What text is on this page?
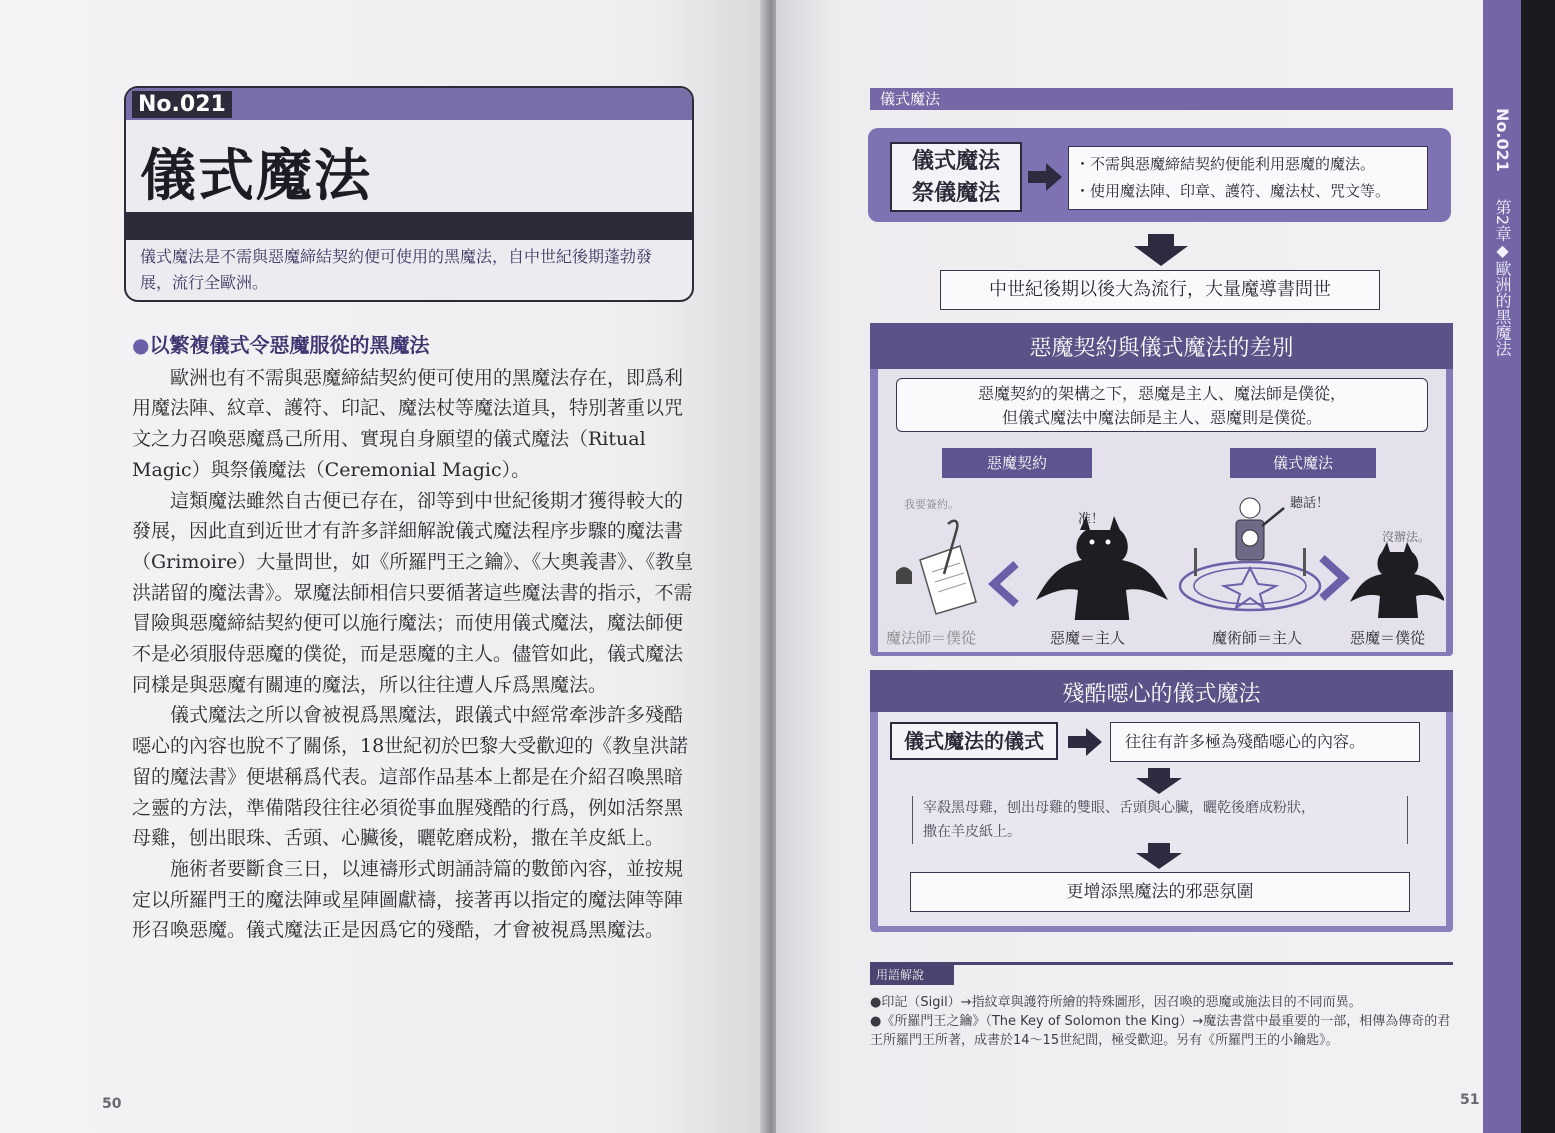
No.021
儀式魔法
儀式魔法是不需與惡魔締結契約便可使用的黑魔法，自中世紀後期蓬勃發展，流行全歐洲。
●以繁複儀式令惡魔服從的黑魔法

歐洲也有不需與惡魔締結契約便可使用的黑魔法存在，即爲利用魔法陣、紋章、護符、印記、魔法杖等魔法道具，特別著重以咒文之力召喚惡魔爲己所用、實現自身願望的儀式魔法（Ritual Magic）與祭儀魔法（Ceremonial Magic）。

這類魔法雖然自古便已存在，卻等到中世紀後期才獲得較大的發展，因此直到近世才有許多詳細解說儀式魔法程序步驟的魔法書（Grimoire）大量問世，如《所羅門王之鑰》、《大奧義書》、《教皇洪諾留的魔法書》。眾魔法師相信只要循著這些魔法書的指示，不需冒險與惡魔締結契約便可以施行魔法；而使用儀式魔法，魔法師便不是必須服侍惡魔的僕從，而是惡魔的主人。儘管如此，儀式魔法同樣是與惡魔有關連的魔法，所以往往遭人斥爲黑魔法。

儀式魔法之所以會被視爲黑魔法，跟儀式中經常牽涉許多殘酷噁心的內容也脫不了關係，18世紀初於巴黎大受歡迎的《教皇洪諾留的魔法書》便堪稱爲代表。這部作品基本上都是在介紹召喚黑暗之靈的方法，準備階段往往必須從事血腥殘酷的行爲，例如活祭黑母雞，刨出眼珠、舌頭、心臟後，曬乾磨成粉，撒在羊皮紙上。

施術者要斷食三日，以連禱形式朗誦詩篇的數節內容，並按規定以所羅門王的魔法陣或星陣圖獻禱，接著再以指定的魔法陣等陣形召喚惡魔。儀式魔法正是因爲它的殘酷，才會被視爲黑魔法。

50
No.021
第2章◆歐洲的黑魔法
儀式魔法
儀式魔法
祭儀魔法
・不需與惡魔締結契約便能利用惡魔的魔法。
・使用魔法陣、印章、護符、魔法杖、咒文等。
中世紀後期以後大為流行，大量魔導書問世
惡魔契約與儀式魔法的差別
惡魔契約的架構之下，惡魔是主人、魔法師是僕從，
但儀式魔法中魔法師是主人、惡魔則是僕從。
惡魔契約	儀式魔法
我要簽約。
准！
聽話！
沒辦法。
魔法師＝僕從	惡魔＝主人	魔術師＝主人	惡魔＝僕從
殘酷噁心的儀式魔法
儀式魔法的儀式	往往有許多極為殘酷噁心的內容。
宰殺黑母雞，刨出母雞的雙眼、舌頭與心臟，曬乾後磨成粉狀，
撒在羊皮紙上。
更增添黑魔法的邪惡氛圍
用語解說
●印記（Sigil）→指紋章與護符所繪的特殊圖形，因召喚的惡魔或施法目的不同而異。
●《所羅門王之鑰》（The Key of Solomon the King）→魔法書當中最重要的一部，相傳為傳奇的君王所羅門王所著，成書於14～15世紀間，極受歡迎。另有《所羅門王的小鑰匙》。
51
